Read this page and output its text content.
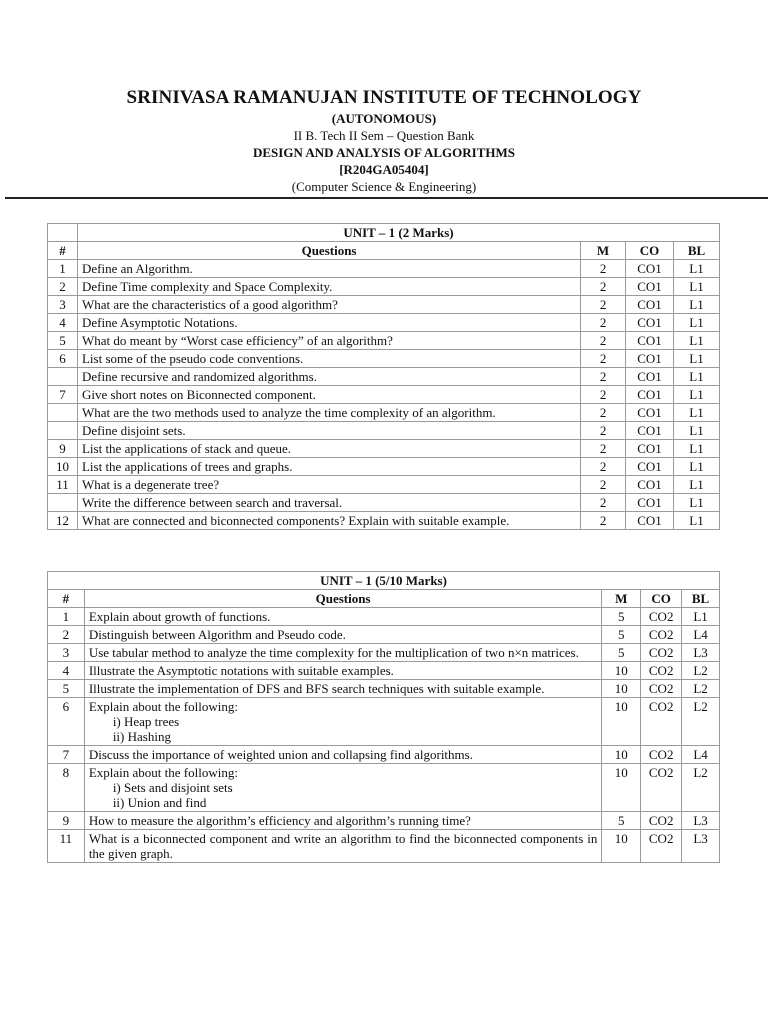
SRINIVASA RAMANUJAN INSTITUTE OF TECHNOLOGY
(AUTONOMOUS)
II B. Tech II Sem – Question Bank
DESIGN AND ANALYSIS OF ALGORITHMS
[R204GA05404]
(Computer Science & Engineering)
	UNIT – 1 (2 Marks)			
#	Questions	M	CO	BL
1	Define an Algorithm.	2	CO1	L1
2	Define Time complexity and Space Complexity.	2	CO1	L1
3	What are the characteristics of a good algorithm?	2	CO1	L1
4	Define Asymptotic Notations.	2	CO1	L1
5	What do meant by “Worst case efficiency” of an algorithm?	2	CO1	L1
6	List some of the pseudo code conventions.	2	CO1	L1

	Define recursive and randomized algorithms.	2	CO1	L1
7	Give short notes on Biconnected component.	2	CO1	L1

	What are the two methods used to analyze the time complexity of an algorithm.	2	CO1	L1

	Define disjoint sets.	2	CO1	L1
9	List the applications of stack and queue.	2	CO1	L1
10	List the applications of trees and graphs.	2	CO1	L1
11	What is a degenerate tree?	2	CO1	L1

	Write the difference between search and traversal.	2	CO1	L1
12	What are connected and biconnected components? Explain with suitable example.	2	CO1	L1
UNIT – 1 (5/10 Marks)				
#	Questions	M	CO	BL
1	Explain about growth of functions.	5	CO2	L1
2	Distinguish between Algorithm and Pseudo code.	5	CO2	L4
3	Use tabular method to analyze the time complexity for the multiplication of two n×n matrices.	5	CO2	L3
4	Illustrate the Asymptotic notations with suitable examples.	10	CO2	L2
5	Illustrate the implementation of DFS and BFS search techniques with suitable example.	10	CO2	L2
6	Explain about the following:
i) Heap trees
ii) Hashing	10	CO2	L2
7	Discuss the importance of weighted union and collapsing find algorithms.	10	CO2	L4
8	Explain about the following:
i) Sets and disjoint sets
ii) Union and find	10	CO2	L2
9	How to measure the algorithm’s efficiency and algorithm’s running time?	5	CO2	L3
11	What is a biconnected component and write an algorithm to find the biconnected components in the given graph.	10	CO2	L3
